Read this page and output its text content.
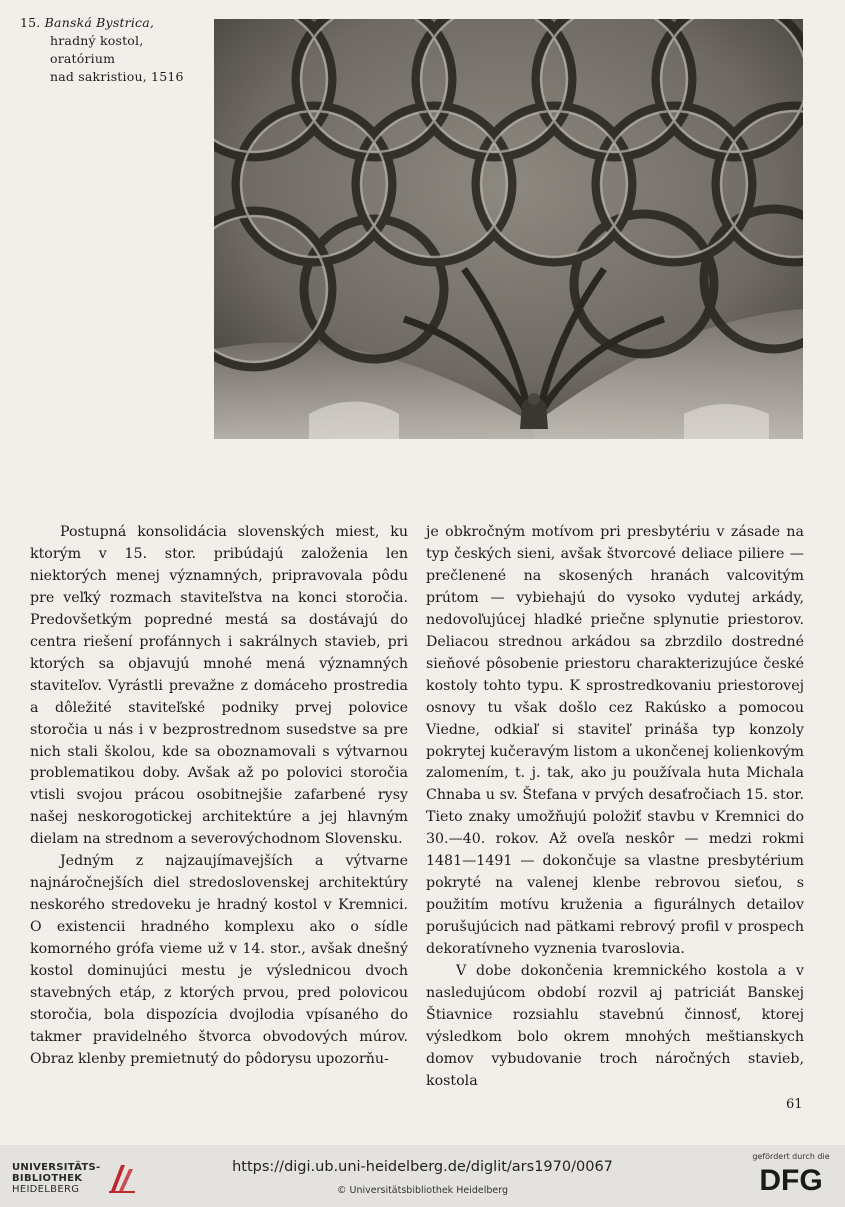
15. Banská Bystrica,
hradný kostol,
oratórium
nad sakristiou, 1516

Postupná konsolidácia slovenských miest, ku ktorým v 15. stor. pribúdajú založenia len niektorých menej významných, pripravovala pôdu pre veľký rozmach staviteľstva na konci storočia. Predovšetkým popredné mestá sa dostávajú do centra riešení profánnych i sakrálnych stavieb, pri ktorých sa objavujú mnohé mená významných staviteľov. Vyrástli prevažne z domáceho prostredia a dôležité staviteľské podniky prvej polovice storočia u nás i v bezprostrednom susedstve sa pre nich stali školou, kde sa oboznamovali s výtvarnou problematikou doby. Avšak až po polovici storočia vtisli svojou prácou osobitnejšie zafarbené rysy našej neskorogotickej architektúre a jej hlavným dielam na strednom a severovýchodnom Slovensku.

Jedným z najzaujímavejších a výtvarne najnáročnejších diel stredoslovenskej architektúry neskorého stredoveku je hradný kostol v Kremnici. O existencii hradného komplexu ako o sídle komorného grófa vieme už v 14. stor., avšak dnešný kostol dominujúci mestu je výslednicou dvoch stavebných etáp, z ktorých prvou, pred polovicou storočia, bola dispozícia dvojlodia vpísaného do takmer pravidelného štvorca obvodových múrov. Obraz klenby premietnutý do pôdorysu upozorňu-

je obkročným motívom pri presbytériu v zásade na typ českých sieni, avšak štvorcové deliace piliere — prečlenené na skosených hranách valcovitým prútom — vybiehajú do vysoko vydutej arkády, nedovoľujúcej hladké priečne splynutie priestorov. Deliacou strednou arkádou sa zbrzdilo dostredné sieňové pôsobenie priestoru charakterizujúce české kostoly tohto typu. K sprostredkovaniu priestorovej osnovy tu však došlo cez Rakúsko a pomocou Viedne, odkiaľ si staviteľ prináša typ konzoly pokrytej kučeravým listom a ukončenej kolienkovým zalomením, t. j. tak, ako ju používala huta Michala Chnaba u sv. Štefana v prvých desaťročiach 15. stor. Tieto znaky umožňujú položiť stavbu v Kremnici do 30.—40. rokov. Až oveľa neskôr — medzi rokmi 1481—1491 — dokončuje sa vlastne presbytérium pokryté na valenej klenbe rebrovou sieťou, s použitím motívu kruženia a figurálnych detailov porušujúcich nad pätkami rebrový profil v prospech dekoratívneho vyznenia tvaroslovia.

V dobe dokončenia kremnického kostola a v nasledujúcom období rozvil aj patriciát Banskej Štiavnice rozsiahlu stavebnú činnosť, ktorej výsledkom bolo okrem mnohých meštianskych domov vybudovanie troch náročných stavieb, kostola

61
UNIVERSITÄTS-
BIBLIOTHEK
HEIDELBERG
https://digi.ub.uni-heidelberg.de/diglit/ars1970/0067
© Universitätsbibliothek Heidelberg
gefördert durch die
DFG
